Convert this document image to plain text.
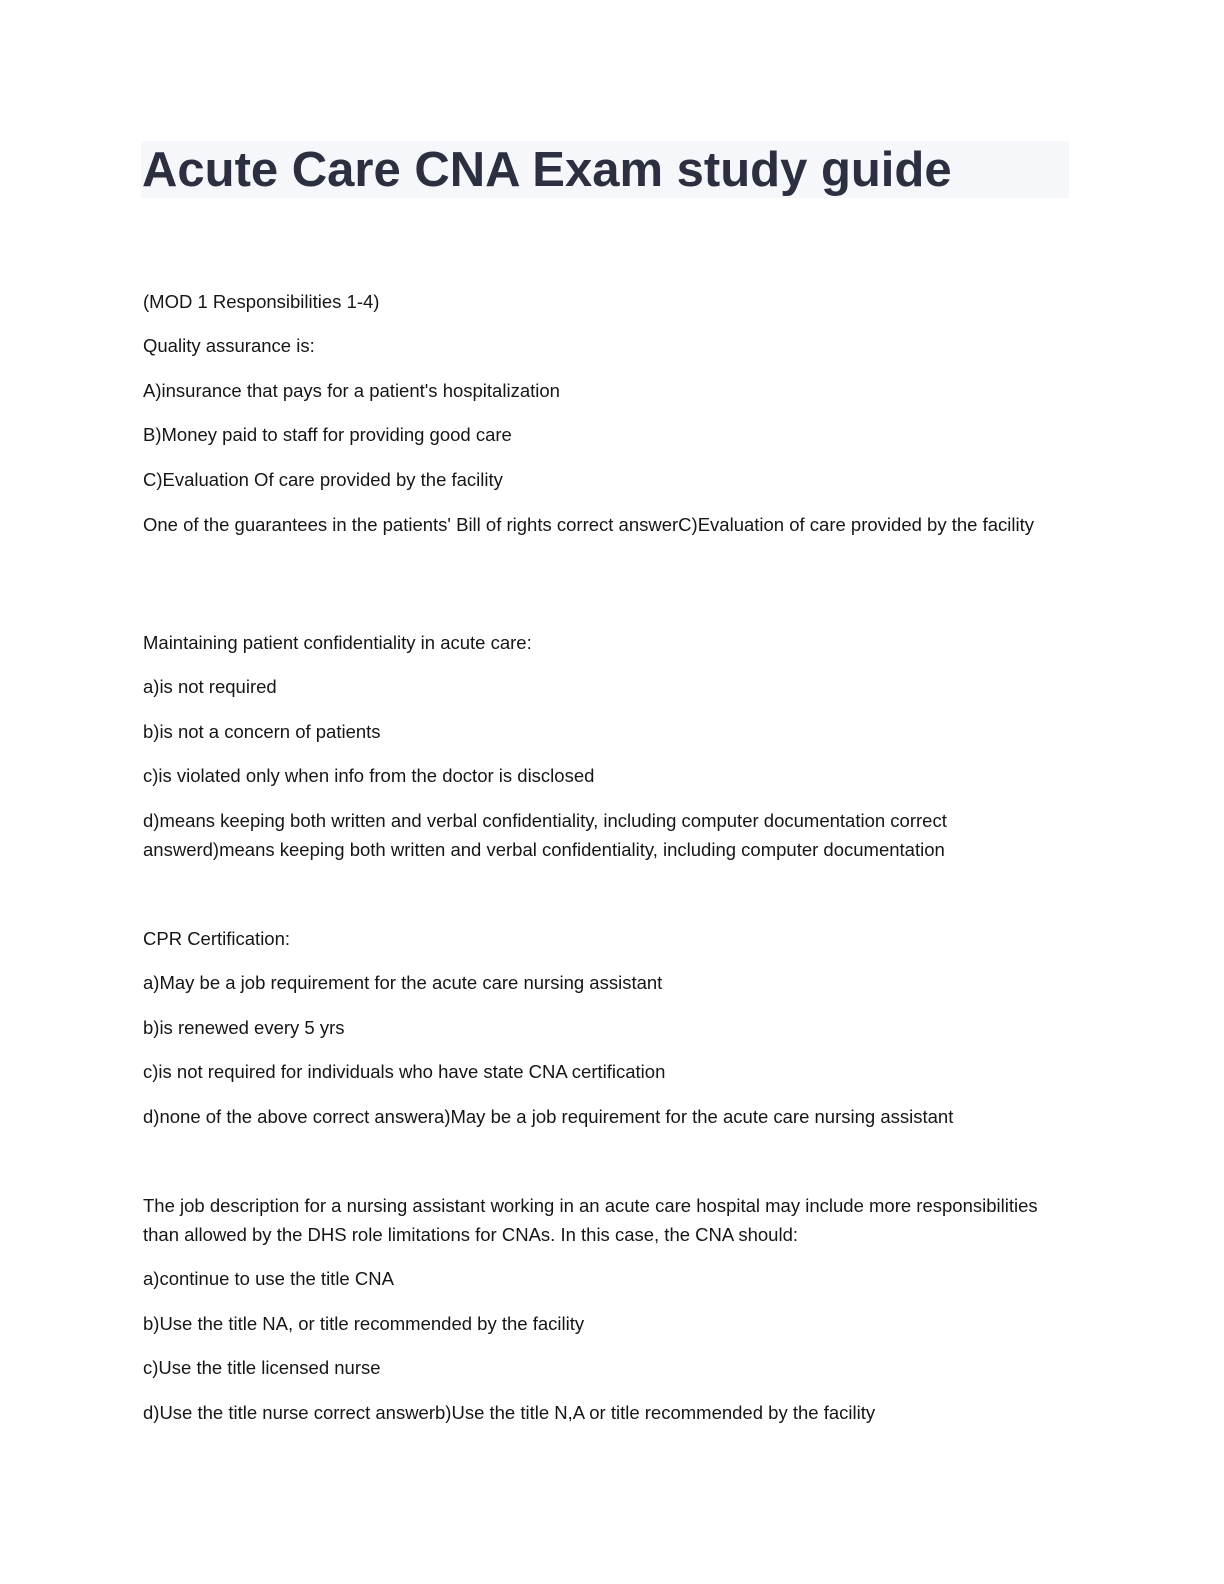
Acute Care CNA Exam study guide

(MOD 1 Responsibilities 1-4)

Quality assurance is:

A)insurance that pays for a patient's hospitalization

B)Money paid to staff for providing good care

C)Evaluation Of care provided by the facility

One of the guarantees in the patients' Bill of rights correct answerC)Evaluation of care provided by the facility

Maintaining patient confidentiality in acute care:

a)is not required

b)is not a concern of patients

c)is violated only when info from the doctor is disclosed

d)means keeping both written and verbal confidentiality, including computer documentation correct answerd)means keeping both written and verbal confidentiality, including computer documentation

CPR Certification:

a)May be a job requirement for the acute care nursing assistant

b)is renewed every 5 yrs

c)is not required for individuals who have state CNA certification

d)none of the above correct answera)May be a job requirement for the acute care nursing assistant

The job description for a nursing assistant working in an acute care hospital may include more responsibilities than allowed by the DHS role limitations for CNAs. In this case, the CNA should:

a)continue to use the title CNA

b)Use the title NA, or title recommended by the facility

c)Use the title licensed nurse

d)Use the title nurse correct answerb)Use the title N,A or title recommended by the facility
